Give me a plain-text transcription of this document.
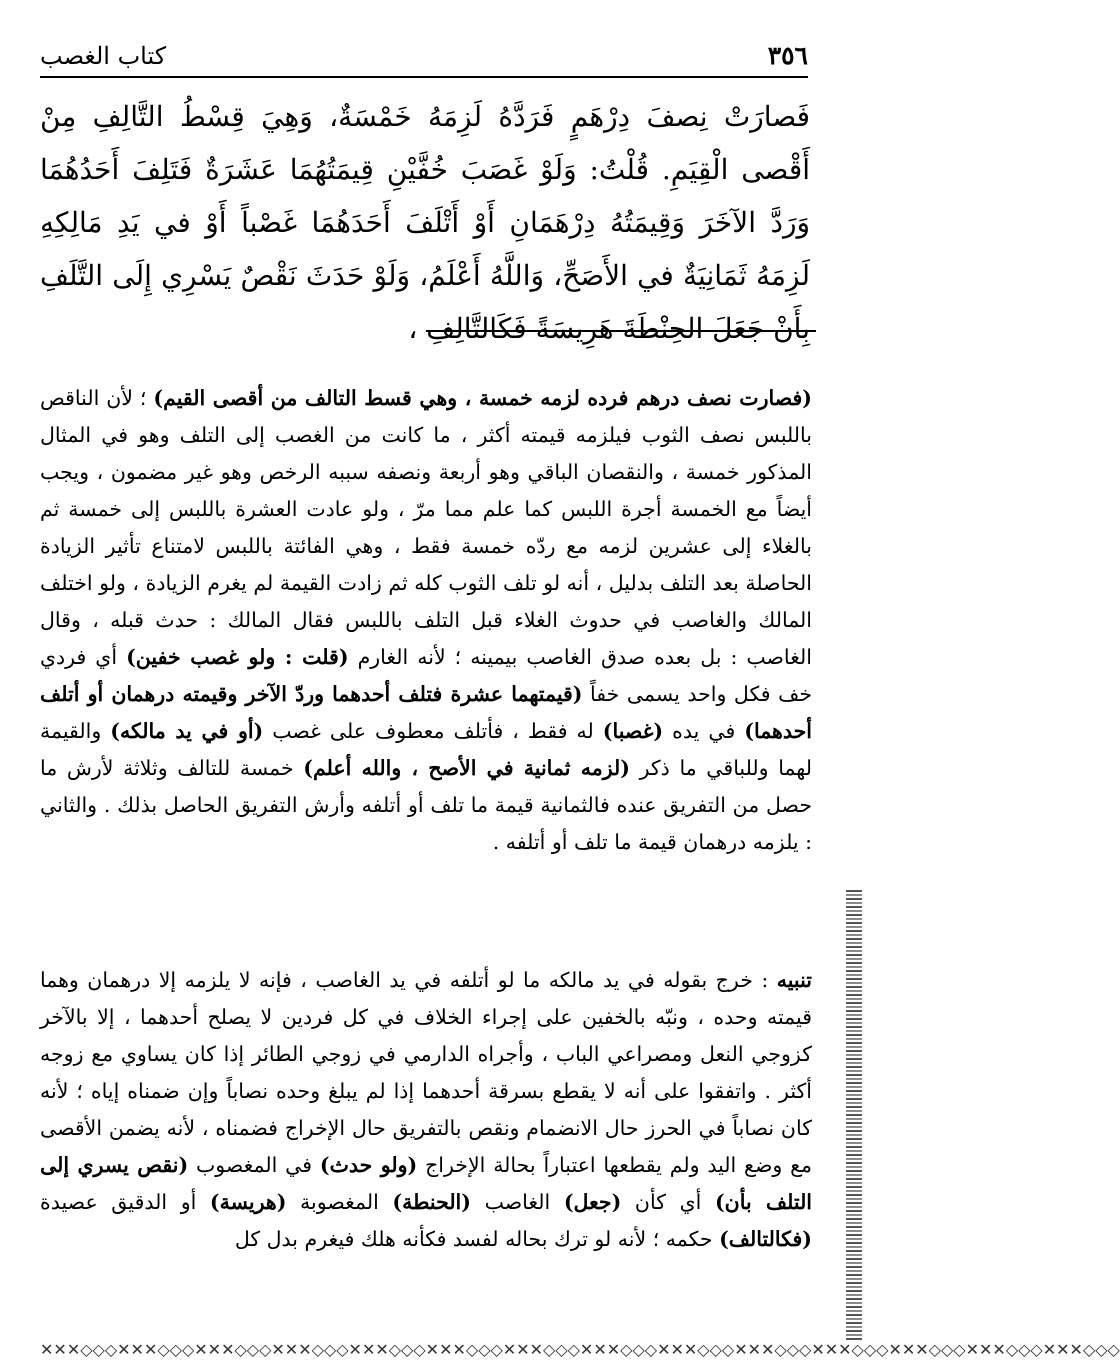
٣٥٦
كتاب الغصب
فَصارَتْ نِصفَ دِرْهَمٍ فَرَدَّهُ لَزِمَهُ خَمْسَةٌ، وَهِيَ قِسْطُ التَّالِفِ مِنْ أَقْصى الْقِيَمِ. قُلْتُ: وَلَوْ غَصَبَ خُفَّيْنِ قِيمَتُهُمَا عَشَرَةٌ فَتَلِفَ أَحَدُهُمَا وَرَدَّ الآخَرَ وَقِيمَتُهُ دِرْهَمَانِ أَوْ أَتْلَفَ أَحَدَهُمَا غَصْباً أَوْ في يَدِ مَالِكِهِ لَزِمَهُ ثَمَانِيَةٌ في الأَصَحِّ، وَاللَّهُ أَعْلَمُ، وَلَوْ حَدَثَ نَقْصٌ يَسْرِي إِلَى التَّلَفِ بِأَنْ جَعَلَ الحِنْطَةَ هَرِيسَةً فَكَالتَّالِفِ ،

(فصارت نصف درهم فرده لزمه خمسة ، وهي قسط التالف من أقصى القيم) ؛ لأن الناقص باللبس نصف الثوب فيلزمه قيمته أكثر ، ما كانت من الغصب إلى التلف وهو في المثال المذكور خمسة ، والنقصان الباقي وهو أربعة ونصفه سببه الرخص وهو غير مضمون ، ويجب أيضاً مع الخمسة أجرة اللبس كما علم مما مرّ ، ولو عادت العشرة باللبس إلى خمسة ثم بالغلاء إلى عشرين لزمه مع ردّه خمسة فقط ، وهي الفائتة باللبس لامتناع تأثير الزيادة الحاصلة بعد التلف بدليل ، أنه لو تلف الثوب كله ثم زادت القيمة لم يغرم الزيادة ، ولو اختلف المالك والغاصب في حدوث الغلاء قبل التلف باللبس فقال المالك : حدث قبله ، وقال الغاصب : بل بعده صدق الغاصب بيمينه ؛ لأنه الغارم (قلت : ولو غصب خفين) أي فردي خف فكل واحد يسمى خفاً (قيمتهما عشرة فتلف أحدهما وردّ الآخر وقيمته درهمان أو أتلف أحدهما) في يده (غصبا) له فقط ، فأتلف معطوف على غصب (أو في يد مالكه) والقيمة لهما وللباقي ما ذكر (لزمه ثمانية في الأصح ، والله أعلم) خمسة للتالف وثلاثة لأرش ما حصل من التفريق عنده فالثمانية قيمة ما تلف أو أتلفه وأرش التفريق الحاصل بذلك . والثاني : يلزمه درهمان قيمة ما تلف أو أتلفه .

تنبيه : خرج بقوله في يد مالكه ما لو أتلفه في يد الغاصب ، فإنه لا يلزمه إلا درهمان وهما قيمته وحده ، ونبّه بالخفين على إجراء الخلاف في كل فردين لا يصلح أحدهما ، إلا بالآخر كزوجي النعل ومصراعي الباب ، وأجراه الدارمي في زوجي الطائر إذا كان يساوي مع زوجه أكثر . واتفقوا على أنه لا يقطع بسرقة أحدهما إذا لم يبلغ وحده نصاباً وإن ضمناه إياه ؛ لأنه كان نصاباً في الحرز حال الانضمام ونقص بالتفريق حال الإخراج فضمناه ، لأنه يضمن الأقصى مع وضع اليد ولم يقطعها اعتباراً بحالة الإخراج (ولو حدث) في المغصوب (نقص يسري إلى التلف بأن) أي كأن (جعل) الغاصب (الحنطة) المغصوبة (هريسة) أو الدقيق عصيدة (فكالتالف) حكمه ؛ لأنه لو ترك بحاله لفسد فكأنه هلك فيغرم بدل كل

✕✕✕◇◇◇✕✕✕◇◇◇✕✕✕◇◇◇✕✕✕◇◇◇✕✕✕◇◇◇✕✕✕◇◇◇✕✕✕◇◇◇✕✕✕◇◇◇✕✕✕◇◇◇✕✕✕◇◇◇✕✕✕◇◇◇✕✕✕◇◇◇✕✕✕◇◇◇✕✕✕◇◇◇
